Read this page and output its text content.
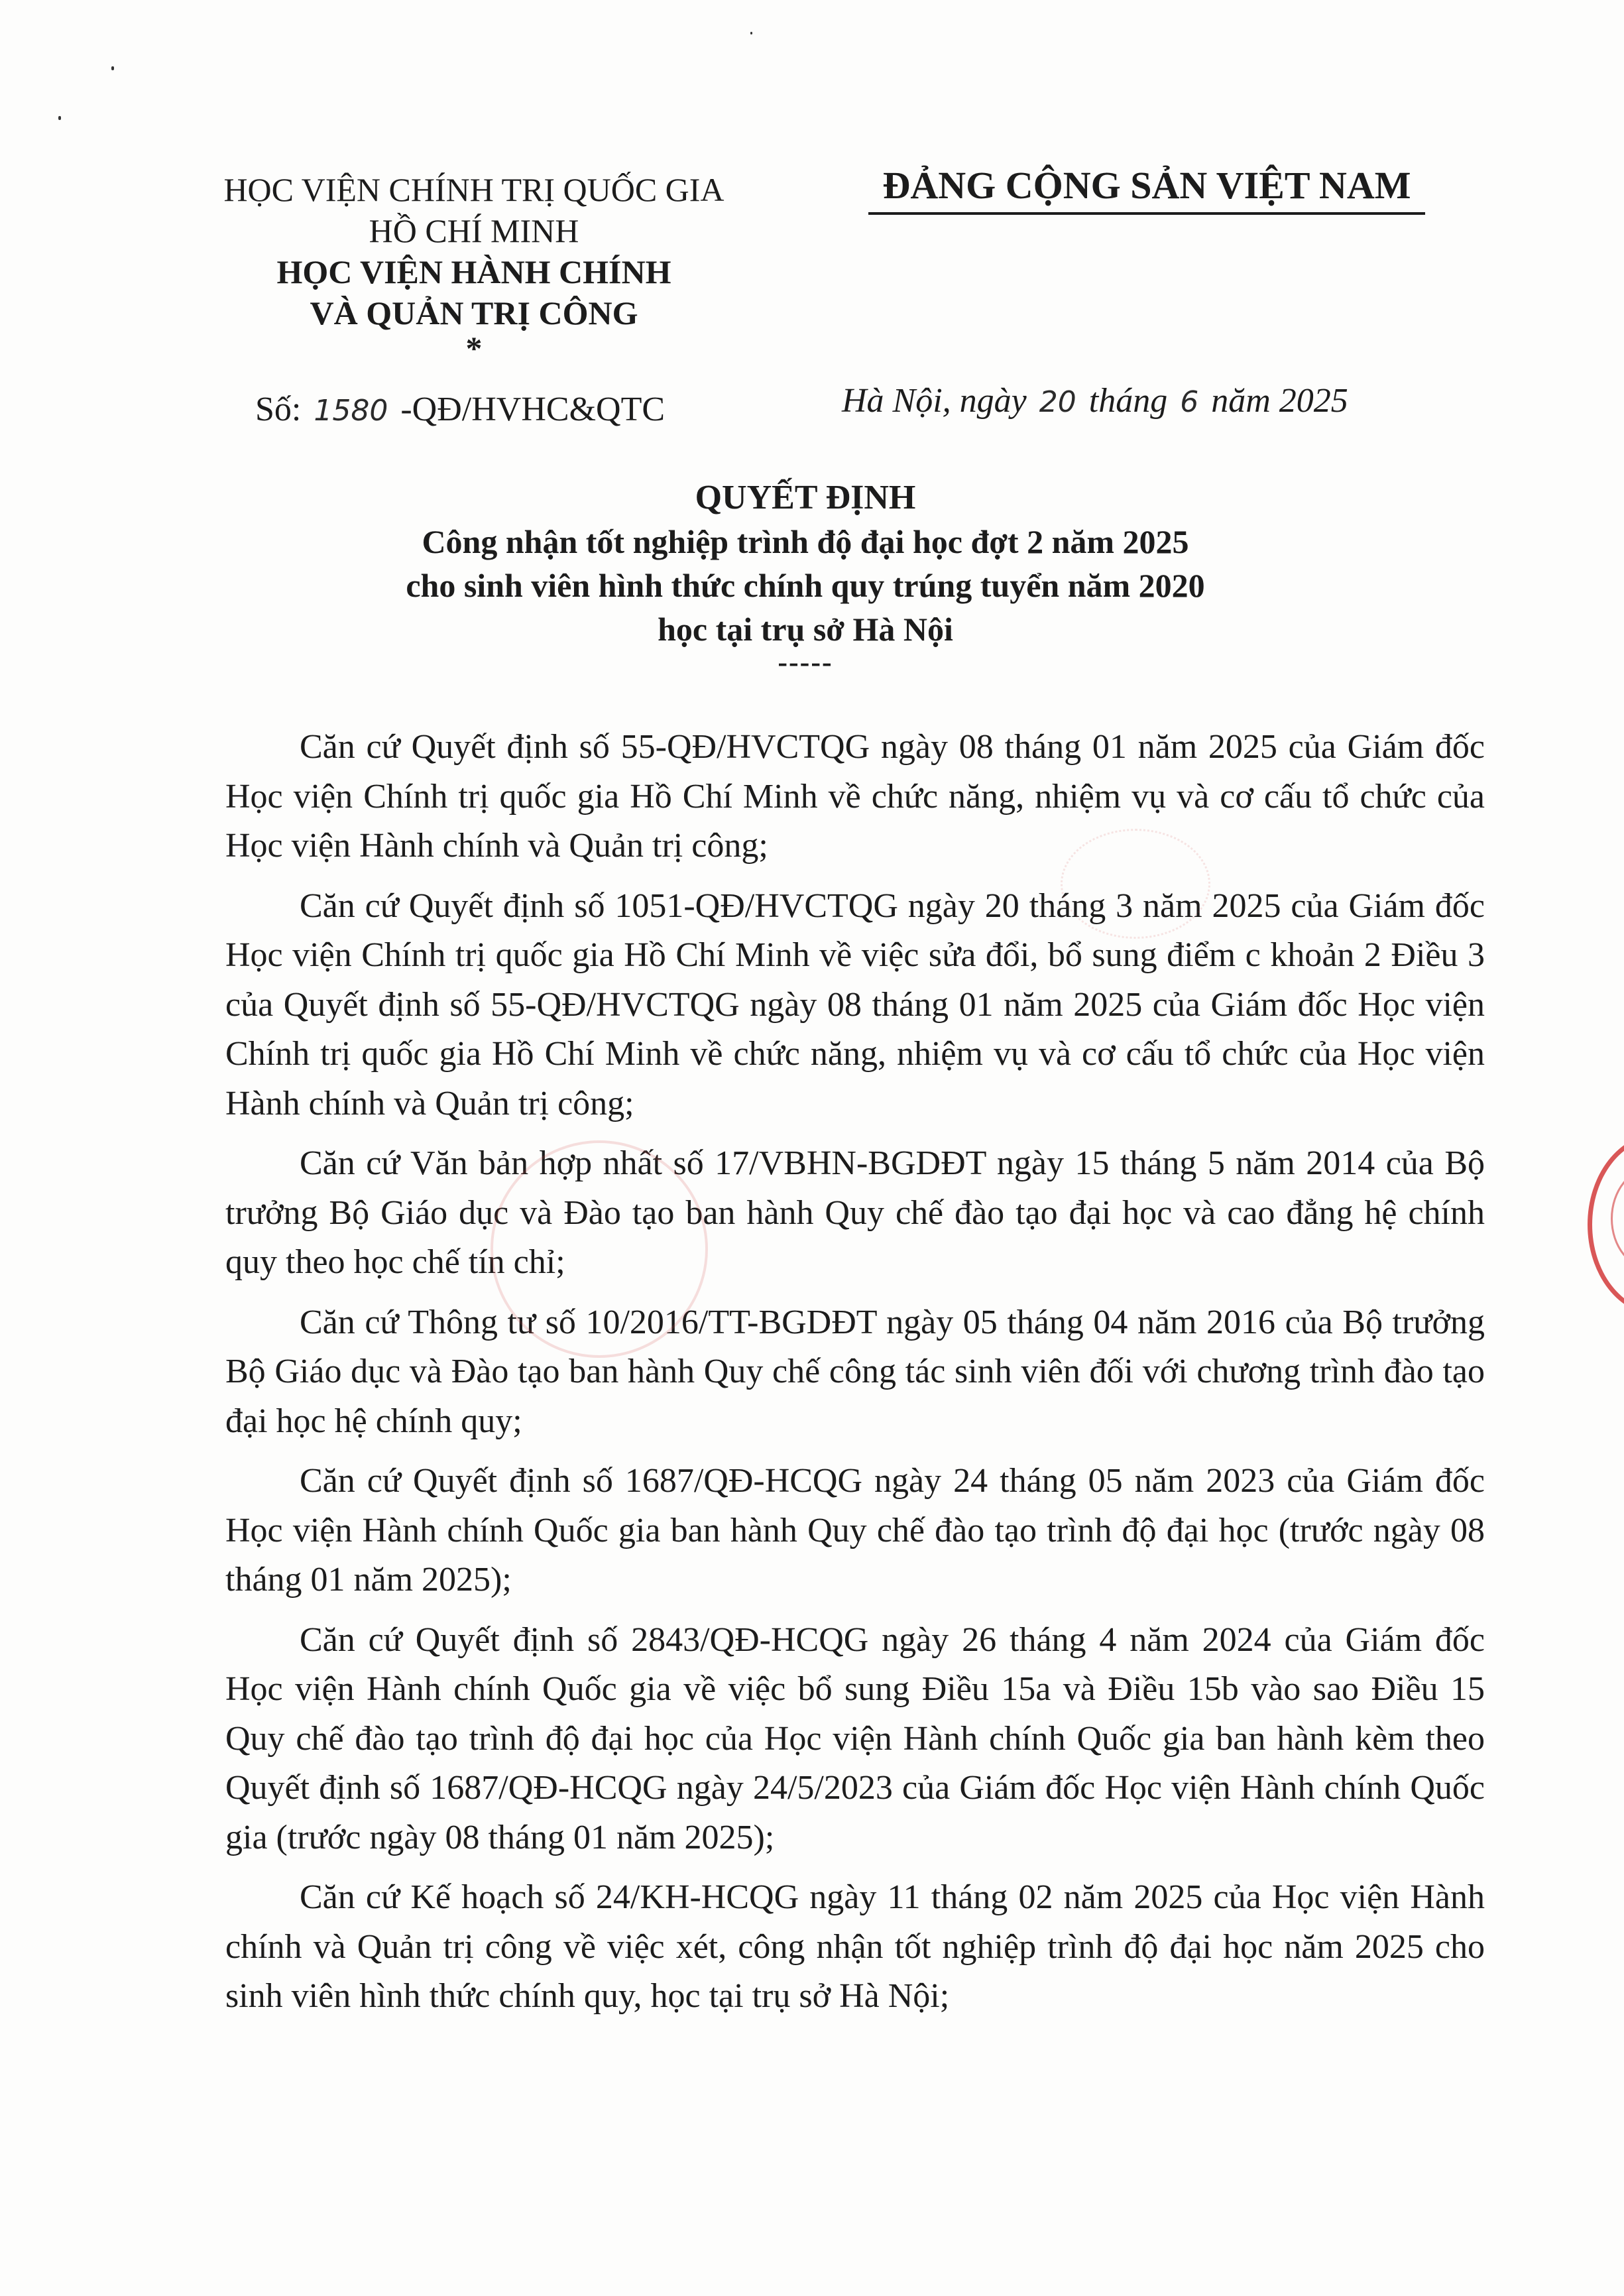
HỌC VIỆN CHÍNH TRỊ QUỐC GIA
HỒ CHÍ MINH
HỌC VIỆN HÀNH CHÍNH
VÀ QUẢN TRỊ CÔNG
*
ĐẢNG CỘNG SẢN VIỆT NAM
Số: 1580 -QĐ/HVHC&QTC	Hà Nội, ngày 20 tháng 6 năm 2025
QUYẾT ĐỊNH
Công nhận tốt nghiệp trình độ đại học đợt 2 năm 2025
cho sinh viên hình thức chính quy trúng tuyển năm 2020
học tại trụ sở Hà Nội
-----

Căn cứ Quyết định số 55-QĐ/HVCTQG ngày 08 tháng 01 năm 2025 của Giám đốc Học viện Chính trị quốc gia Hồ Chí Minh về chức năng, nhiệm vụ và cơ cấu tổ chức của Học viện Hành chính và Quản trị công;

Căn cứ Quyết định số 1051-QĐ/HVCTQG ngày 20 tháng 3 năm 2025 của Giám đốc Học viện Chính trị quốc gia Hồ Chí Minh về việc sửa đổi, bổ sung điểm c khoản 2 Điều 3 của Quyết định số 55-QĐ/HVCTQG ngày 08 tháng 01 năm 2025 của Giám đốc Học viện Chính trị quốc gia Hồ Chí Minh về chức năng, nhiệm vụ và cơ cấu tổ chức của Học viện Hành chính và Quản trị công;

Căn cứ Văn bản hợp nhất số 17/VBHN-BGDĐT ngày 15 tháng 5 năm 2014 của Bộ trưởng Bộ Giáo dục và Đào tạo ban hành Quy chế đào tạo đại học và cao đẳng hệ chính quy theo học chế tín chỉ;

Căn cứ Thông tư số 10/2016/TT-BGDĐT ngày 05 tháng 04 năm 2016 của Bộ trưởng Bộ Giáo dục và Đào tạo ban hành Quy chế công tác sinh viên đối với chương trình đào tạo đại học hệ chính quy;

Căn cứ Quyết định số 1687/QĐ-HCQG ngày 24 tháng 05 năm 2023 của Giám đốc Học viện Hành chính Quốc gia ban hành Quy chế đào tạo trình độ đại học (trước ngày 08 tháng 01 năm 2025);

Căn cứ Quyết định số 2843/QĐ-HCQG ngày 26 tháng 4 năm 2024 của Giám đốc Học viện Hành chính Quốc gia về việc bổ sung Điều 15a và Điều 15b vào sao Điều 15 Quy chế đào tạo trình độ đại học của Học viện Hành chính Quốc gia ban hành kèm theo Quyết định số 1687/QĐ-HCQG ngày 24/5/2023 của Giám đốc Học viện Hành chính Quốc gia (trước ngày 08 tháng 01 năm 2025);

Căn cứ Kế hoạch số 24/KH-HCQG ngày 11 tháng 02 năm 2025 của Học viện Hành chính và Quản trị công về việc xét, công nhận tốt nghiệp trình độ đại học năm 2025 cho sinh viên hình thức chính quy, học tại trụ sở Hà Nội;
